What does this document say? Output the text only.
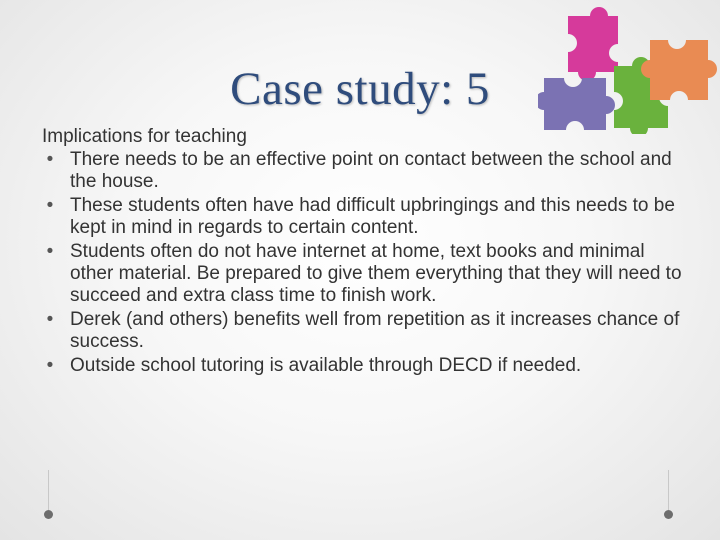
Case study: 5
Implications for teaching
• There needs to be an effective point on contact between the school and the house.
• These students often have had difficult upbringings and this needs to be kept in mind in regards to certain content.
• Students often do not have internet at home, text books and minimal other material. Be prepared to give them everything that they will need to succeed and extra class time to finish work.
• Derek (and others) benefits well from repetition as it increases chance of success.
• Outside school tutoring is available through DECD if needed.
